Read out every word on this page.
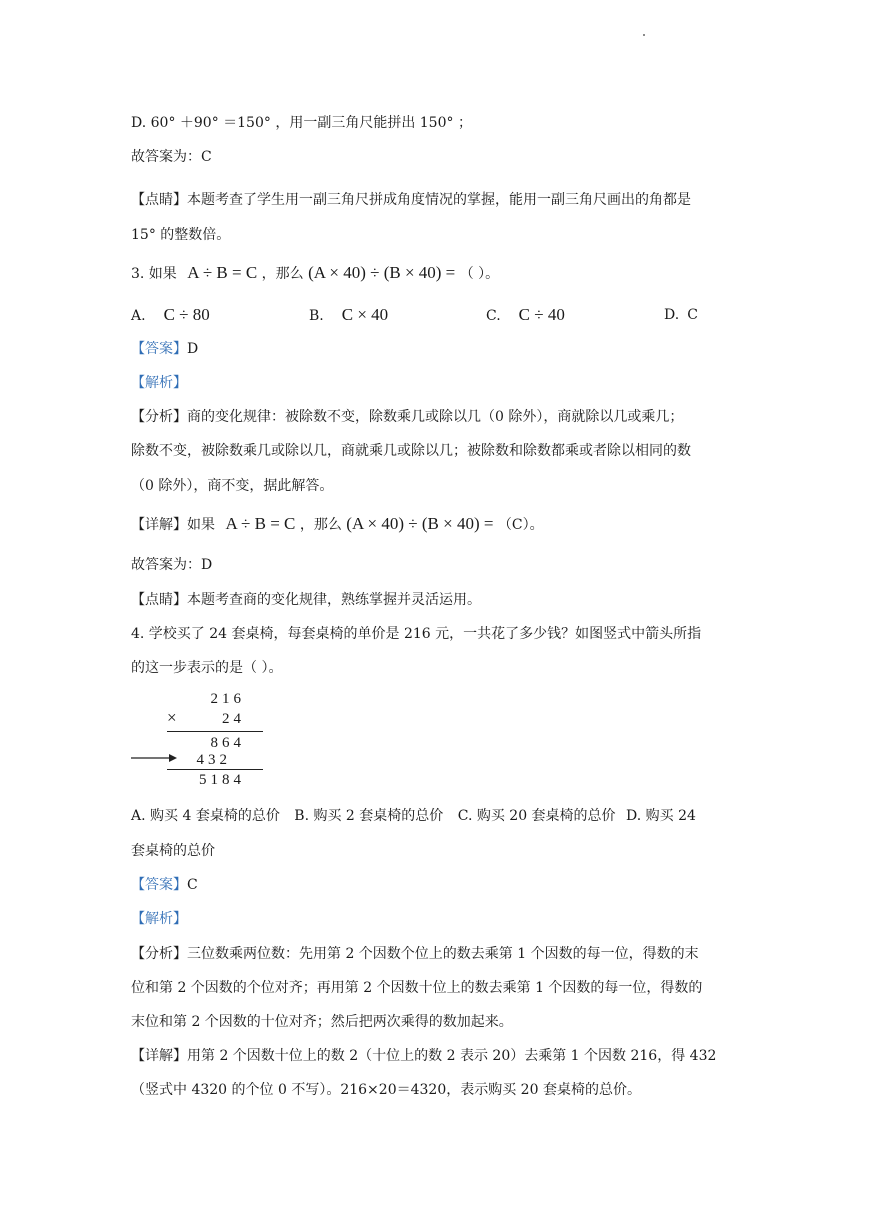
D. 60° ＋90° ＝150° ，用一副三角尺能拼出 150° ；
故答案为：C
【点睛】本题考查了学生用一副三角尺拼成角度情况的掌握，能用一副三角尺画出的角都是
15° 的整数倍。
3. 如果 A ÷ B = C ，那么 (A × 40) ÷ (B × 40) = （ ）。
A. C ÷ 80	B. C × 40	C. C ÷ 40	D. C
【答案】D
【解析】
【分析】商的变化规律：被除数不变，除数乘几或除以几（0 除外），商就除以几或乘几；
除数不变，被除数乘几或除以几，商就乘几或除以几；被除数和除数都乘或者除以相同的数
（0 除外），商不变，据此解答。
【详解】如果 A ÷ B = C ，那么 (A × 40) ÷ (B × 40) = （C）。
故答案为：D
【点睛】本题考查商的变化规律，熟练掌握并灵活运用。
4. 学校买了 24 套桌椅，每套桌椅的单价是 216 元，一共花了多少钱？如图竖式中箭头所指
的这一步表示的是（ ）。
216
×	24
864
432
5184
A. 购买 4 套桌椅的总价 B. 购买 2 套桌椅的总价 C. 购买 20 套桌椅的总价 D. 购买 24
套桌椅的总价
【答案】C
【解析】
【分析】三位数乘两位数：先用第 2 个因数个位上的数去乘第 1 个因数的每一位，得数的末
位和第 2 个因数的个位对齐；再用第 2 个因数十位上的数去乘第 1 个因数的每一位，得数的
末位和第 2 个因数的十位对齐；然后把两次乘得的数加起来。
【详解】用第 2 个因数十位上的数 2（十位上的数 2 表示 20）去乘第 1 个因数 216，得 432
（竖式中 4320 的个位 0 不写）。216×20＝4320，表示购买 20 套桌椅的总价。
